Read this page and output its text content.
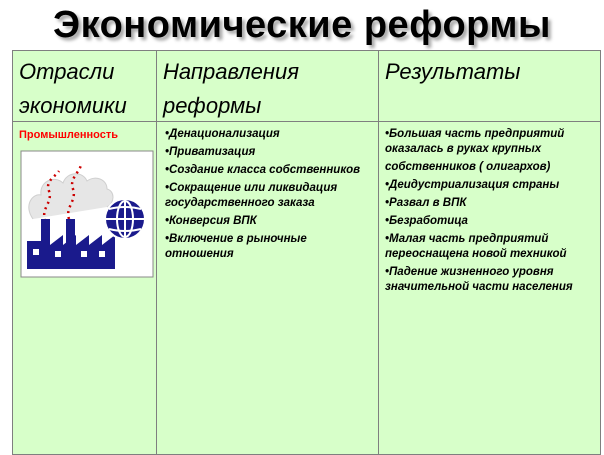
Экономические реформы
Отрасли экономики
Направления реформы
Результаты
Промышленность	•Денационализация
•Приватизация
•Создание класса собственников
•Сокращение или ликвидация государственного заказа
•Конверсия ВПК
•Включение в рыночные отношения
•Большая часть предприятий оказалась в руках крупных
собственников ( олигархов)
•Деидустриализация страны
•Развал в ВПК
•Безработица
•Малая часть предприятий переоснащена новой техникой
•Падение жизненного уровня значительной части населения
